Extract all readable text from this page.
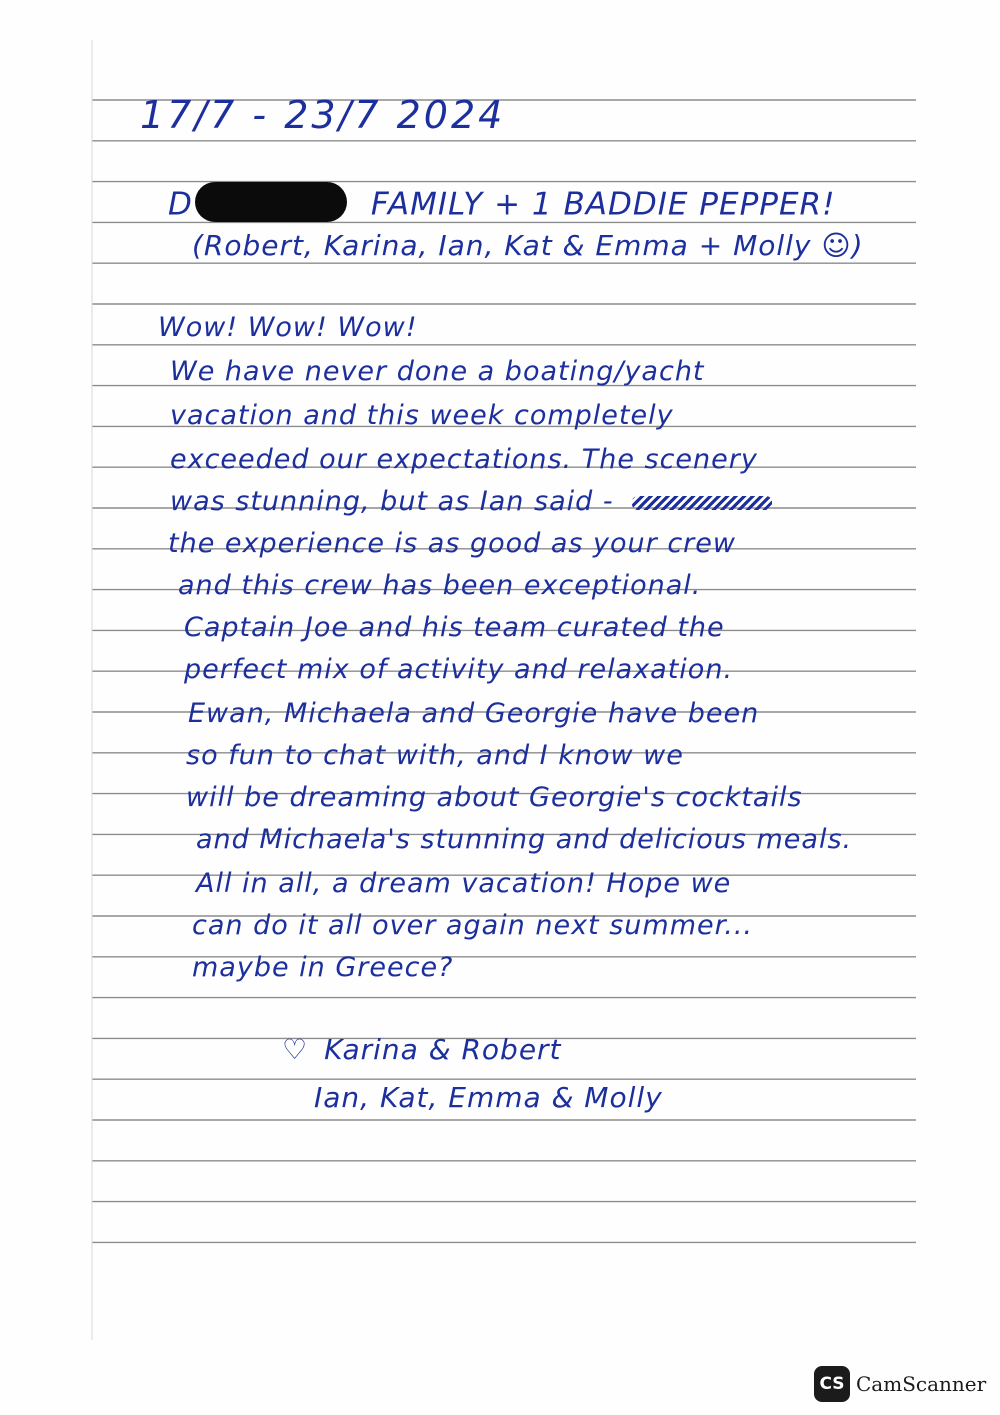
17/7 - 23/7 2024
D	FAMILY + 1 BADDIE PEPPER!
(Robert, Karina, Ian, Kat & Emma + Molly ☺)
Wow! Wow! Wow!
We have never done a boating/yacht
vacation and this week completely
exceeded our expectations. The scenery
was stunning, but as Ian said -
the experience is as good as your crew
and this crew has been exceptional.
Captain Joe and his team curated the
perfect mix of activity and relaxation.
Ewan, Michaela and Georgie have been
so fun to chat with, and I know we
will be dreaming about Georgie's cocktails
and Michaela's stunning and delicious meals.
All in all, a dream vacation! Hope we
can do it all over again next summer...
maybe in Greece?
♡ Karina & Robert
Ian, Kat, Emma & Molly
CS CamScanner
